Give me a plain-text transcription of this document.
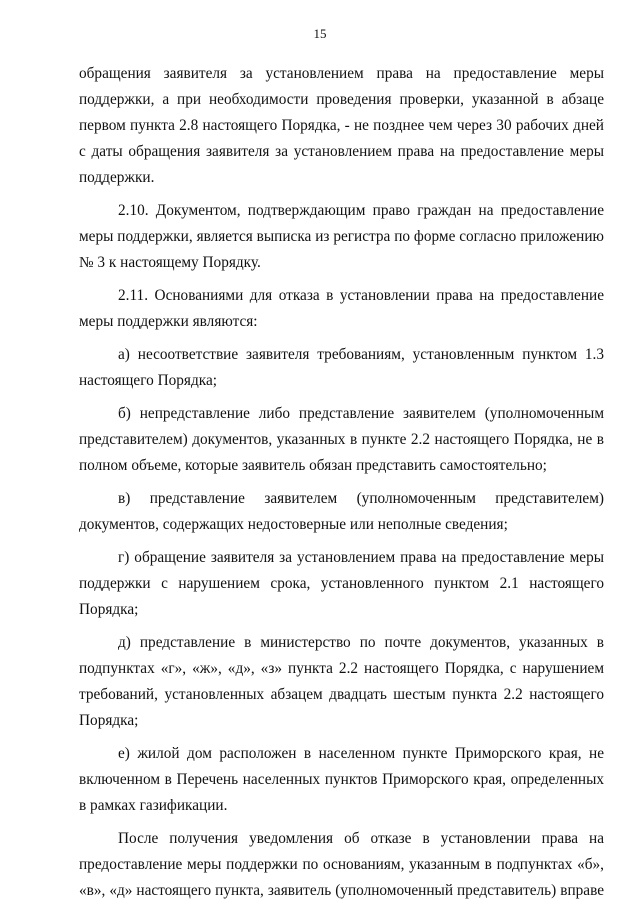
15

обращения заявителя за установлением права на предоставление меры поддержки, а при необходимости проведения проверки, указанной в абзаце первом пункта 2.8 настоящего Порядка, - не позднее чем через 30 рабочих дней с даты обращения заявителя за установлением права на предоставление меры поддержки.

2.10. Документом, подтверждающим право граждан на предоставление меры поддержки, является выписка из регистра по форме согласно приложению № 3 к настоящему Порядку.

2.11. Основаниями для отказа в установлении права на предоставление меры поддержки являются:

а) несоответствие заявителя требованиям, установленным пунктом 1.3 настоящего Порядка;

б) непредставление либо представление заявителем (уполномоченным представителем) документов, указанных в пункте 2.2 настоящего Порядка, не в полном объеме, которые заявитель обязан представить самостоятельно;

в) представление заявителем (уполномоченным представителем) документов, содержащих недостоверные или неполные сведения;

г) обращение заявителя за установлением права на предоставление меры поддержки с нарушением срока, установленного пунктом 2.1 настоящего Порядка;

д) представление в министерство по почте документов, указанных в подпунктах «г», «ж», «д», «з» пункта 2.2 настоящего Порядка, с нарушением требований, установленных абзацем двадцать шестым пункта 2.2 настоящего Порядка;

е) жилой дом расположен в населенном пункте Приморского края, не включенном в Перечень населенных пунктов Приморского края, определенных в рамках газификации.

После получения уведомления об отказе в установлении права на предоставление меры поддержки по основаниям, указанным в подпунктах «б», «в», «д» настоящего пункта, заявитель (уполномоченный представитель) вправе
